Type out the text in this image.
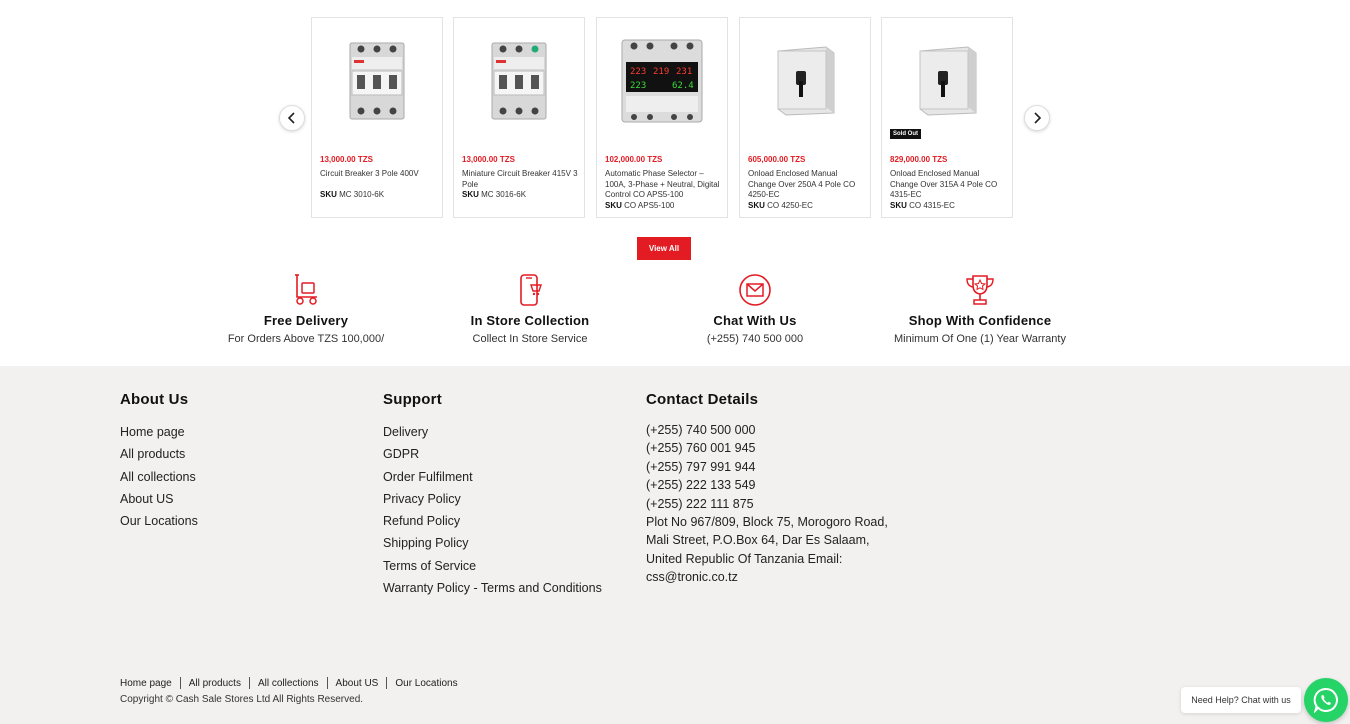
13,000.00 TZS
Circuit Breaker 3 Pole 400V
SKU MC 3010-6K
13,000.00 TZS
Miniature Circuit Breaker 415V 3 Pole
SKU MC 3016-6K
223 219 231
223	62.4
102,000.00 TZS
Automatic Phase Selector – 100A, 3-Phase + Neutral, Digital Control CO APS5-100
SKU CO APS5-100
605,000.00 TZS
Onload Enclosed Manual Change Over 250A 4 Pole CO 4250-EC
SKU CO 4250-EC
Sold Out
829,000.00 TZS
Onload Enclosed Manual Change Over 315A 4 Pole CO 4315-EC
SKU CO 4315-EC
View All
Free Delivery
For Orders Above TZS 100,000/
In Store Collection
Collect In Store Service
Chat With Us
(+255) 740 500 000
Shop With Confidence
Minimum Of One (1) Year Warranty
About Us
Home page
All products
All collections
About US
Our Locations
Support
Delivery
GDPR
Order Fulfilment
Privacy Policy
Refund Policy
Shipping Policy
Terms of Service
Warranty Policy - Terms and Conditions
Contact Details
(+255) 740 500 000
(+255) 760 001 945
(+255) 797 991 944
(+255) 222 133 549
(+255) 222 111 875
Plot No 967/809, Block 75, Morogoro Road, Mali Street, P.O.Box 64, Dar Es Salaam, United Republic Of Tanzania Email: css@tronic.co.tz
Home page All products All collections About US Our Locations
Copyright © Cash Sale Stores Ltd All Rights Reserved.	Need Help? Chat with us
